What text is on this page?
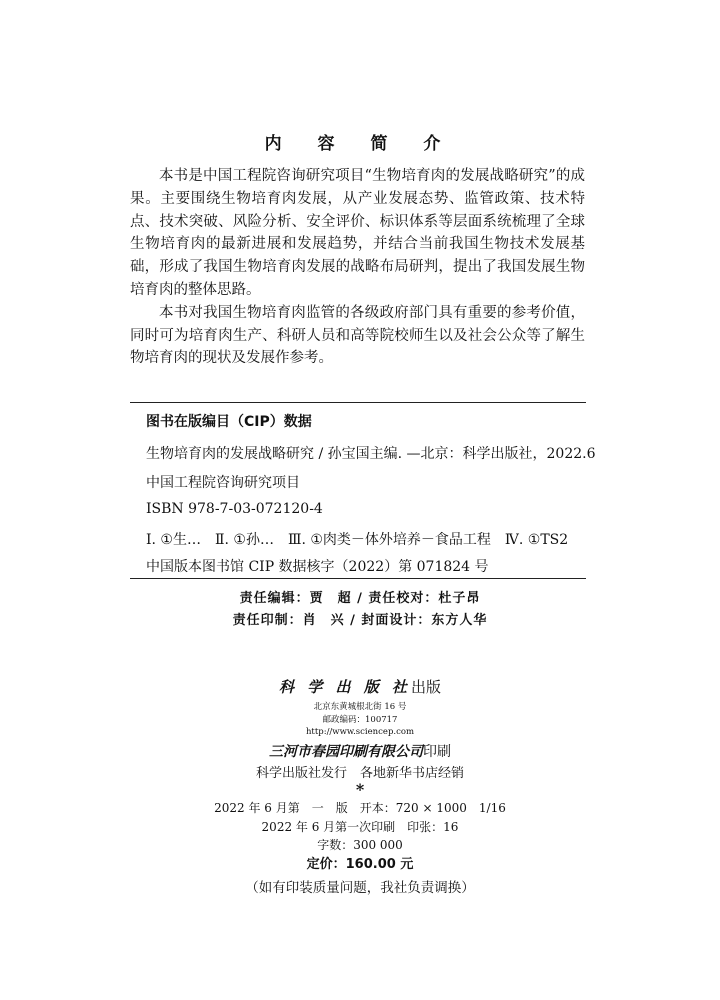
内 容 简 介

本书是中国工程院咨询研究项目“生物培育肉的发展战略研究”的成果。主要围绕生物培育肉发展，从产业发展态势、监管政策、技术特点、技术突破、风险分析、安全评价、标识体系等层面系统梳理了全球生物培育肉的最新进展和发展趋势，并结合当前我国生物技术发展基础，形成了我国生物培育肉发展的战略布局研判，提出了我国发展生物培育肉的整体思路。

本书对我国生物培育肉监管的各级政府部门具有重要的参考价值，同时可为培育肉生产、科研人员和高等院校师生以及社会公众等了解生物培育肉的现状及发展作参考。

图书在版编目（CIP）数据
生物培育肉的发展战略研究 / 孙宝国主编. —北京：科学出版社，2022.6
中国工程院咨询研究项目
ISBN 978-7-03-072120-4
Ⅰ. ①生…　Ⅱ. ①孙…　Ⅲ. ①肉类－体外培养－食品工程　Ⅳ. ①TS2
中国版本图书馆 CIP 数据核字（2022）第 071824 号
责任编辑：贾　超 / 责任校对：杜子昂
责任印制：肖　兴 / 封面设计：东方人华
科 学 出 版 社出版
北京东黄城根北街 16 号
邮政编码：100717
http://www.sciencep.com
三河市春园印刷有限公司印刷
科学出版社发行　各地新华书店经销
*
2022 年 6 月第　一　版　开本：720 × 1000　1/16
2022 年 6 月第一次印刷　印张：16
字数：300 000
定价：160.00 元
（如有印装质量问题，我社负责调换）
